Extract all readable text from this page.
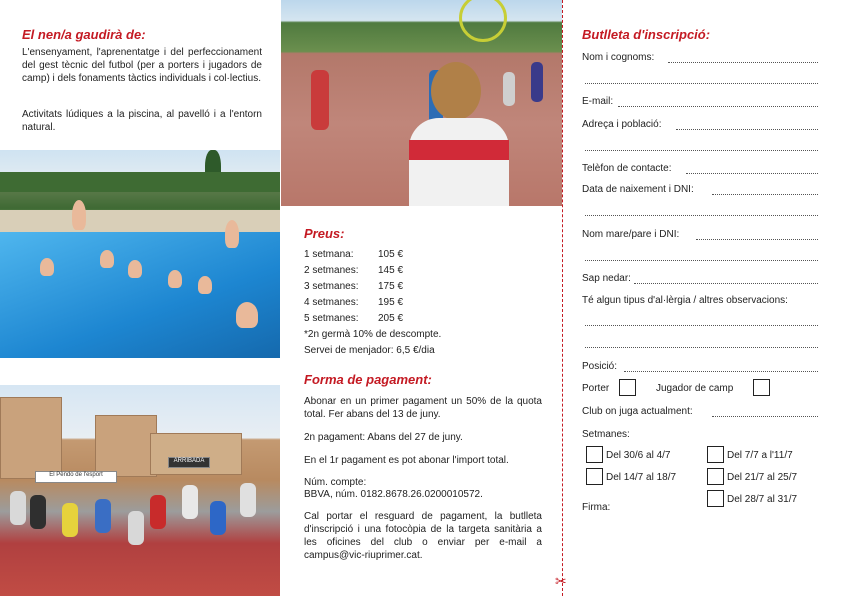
El nen/a gaudirà de:
L'ensenyament, l'aprenentatge i del perfeccionament del gest tècnic del futbol (per a porters i jugadors de camp) i dels fonaments tàctics individuals i col·lectius.
Activitats lúdiques a la piscina, al pavelló i a l'entorn natural.
El Pèndo de l'esport
ARRIBADA
Preus:
1 setmana: 105 €
2 setmanes: 145 €
3 setmanes: 175 €
4 setmanes: 195 €
5 setmanes: 205 €
*2n germà 10% de descompte.
Servei de menjador: 6,5 €/dia
Forma de pagament:
Abonar en un primer pagament un 50% de la quota total. Fer abans del 13 de juny.
2n pagament: Abans del 27 de juny.
En el 1r pagament es pot abonar l'import total.
Núm. compte:
BBVA, núm. 0182.8678.26.0200010572.
Cal portar el resguard de pagament, la butlleta d'inscripció i una fotocòpia de la targeta sanitària a les oficines del club o enviar per e-mail a campus@vic-riuprimer.cat.
✂
Butlleta d'inscripció:
Nom i cognoms:
E-mail:
Adreça i població:
Telèfon de contacte:
Data de naixement i DNI:
Nom mare/pare i DNI:
Sap nedar:
Té algun tipus d'al·lèrgia / altres observacions:
Posició:
Porter	Jugador de camp
Club on juga actualment:
Setmanes:
Del 30/6 al 4/7	Del 7/7 a l'11/7
Del 14/7 al 18/7	Del 21/7 al 25/7
Del 28/7 al 31/7
Firma:
